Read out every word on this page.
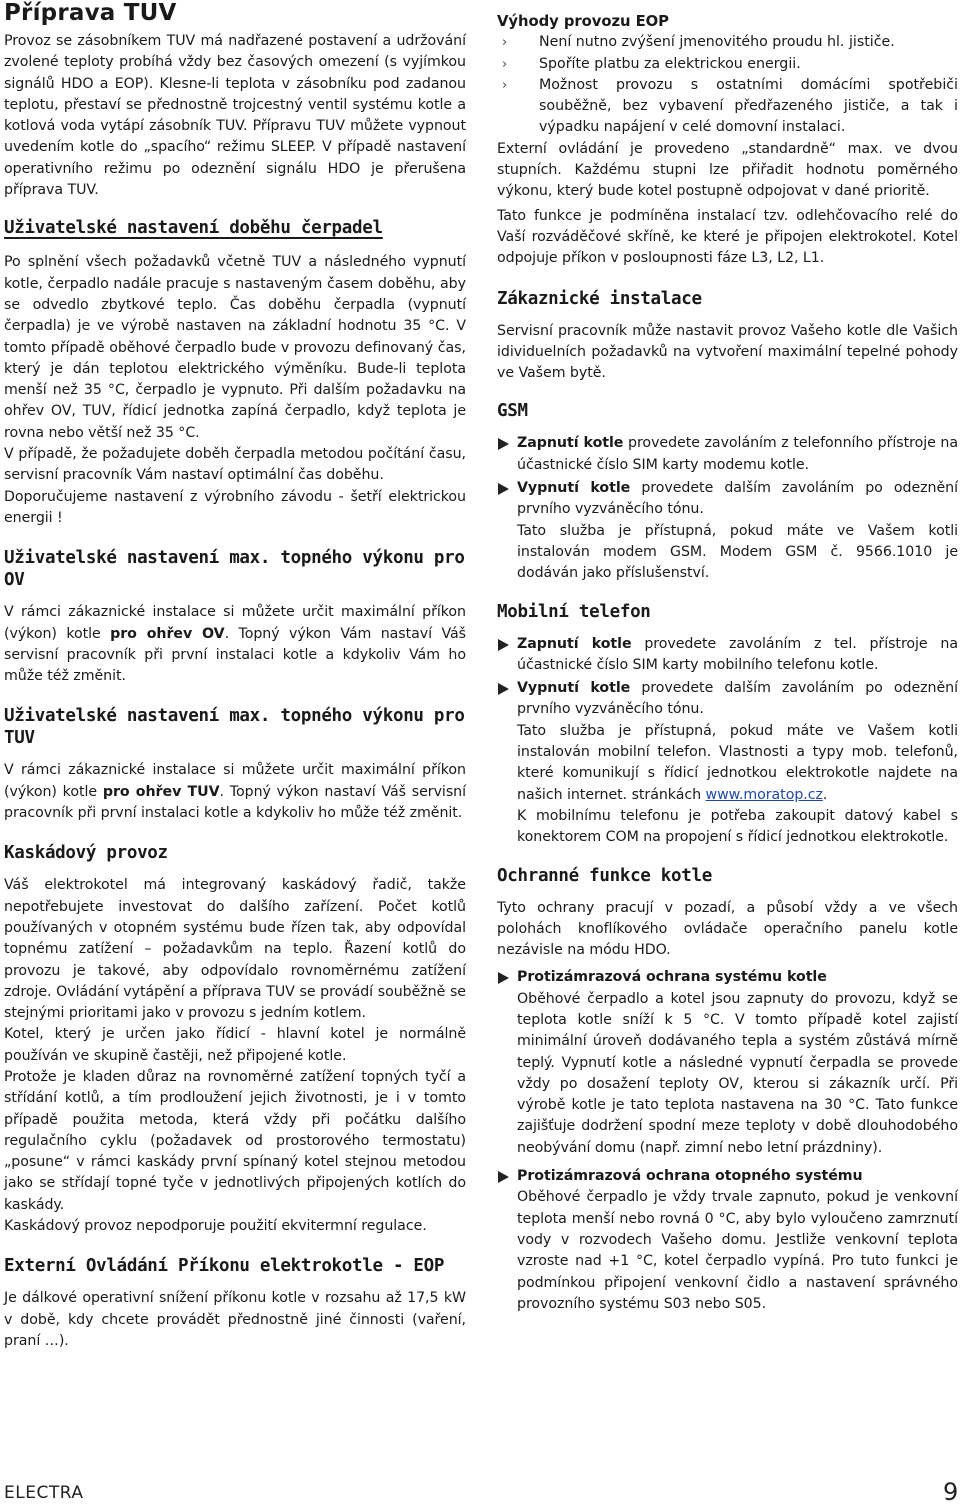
Příprava TUV

Provoz se zásobníkem TUV má nadřazené postavení a udržování zvolené teploty probíhá vždy bez časových omezení (s vyjímkou signálů HDO a EOP). Klesne-li teplota v zásobníku pod zadanou teplotu, přestaví se přednostně trojcestný ventil systému kotle a kotlová voda vytápí zásobník TUV. Přípravu TUV můžete vypnout uvedením kotle do „spacího“ režimu SLEEP. V případě nastavení operativního režimu po odeznění signálu HDO je přerušena příprava TUV.

Uživatelské nastavení doběhu čerpadel

Po splnění všech požadavků včetně TUV a následného vypnutí kotle, čerpadlo nadále pracuje s nastaveným časem doběhu, aby se odvedlo zbytkové teplo. Čas doběhu čerpadla (vypnutí čerpadla) je ve výrobě nastaven na základní hodnotu 35 °C. V tomto případě oběhové čerpadlo bude v provozu definovaný čas, který je dán teplotou elektrického výměníku. Bude-li teplota menší než 35 °C, čerpadlo je vypnuto. Při dalším požadavku na ohřev OV, TUV, řídicí jednotka zapíná čerpadlo, když teplota je rovna nebo větší než 35 °C.

V případě, že požadujete doběh čerpadla metodou počítání času, servisní pracovník Vám nastaví optimální čas doběhu.

Doporučujeme nastavení z výrobního závodu - šetří elektrickou energii !

Uživatelské nastavení max. topného výkonu pro OV

V rámci zákaznické instalace si můžete určit maximální příkon (výkon) kotle pro ohřev OV. Topný výkon Vám nastaví Váš servisní pracovník při první instalaci kotle a kdykoliv Vám ho může též změnit.

Uživatelské nastavení max. topného výkonu pro TUV

V rámci zákaznické instalace si můžete určit maximální příkon (výkon) kotle pro ohřev TUV. Topný výkon nastaví Váš servisní pracovník při první instalaci kotle a kdykoliv ho může též změnit.

Kaskádový provoz

Váš elektrokotel má integrovaný kaskádový řadič, takže nepotřebujete investovat do dalšího zařízení. Počet kotlů používaných v otopném systému bude řízen tak, aby odpovídal topnému zatížení – požadavkům na teplo. Řazení kotlů do provozu je takové, aby odpovídalo rovnoměrnému zatížení zdroje. Ovládání vytápění a příprava TUV se provádí souběžně se stejnými prioritami jako v provozu s jedním kotlem.

Kotel, který je určen jako řídicí - hlavní kotel je normálně používán ve skupině častěji, než připojené kotle.

Protože je kladen důraz na rovnoměrné zatížení topných tyčí a střídání kotlů, a tím prodloužení jejich životnosti, je i v tomto případě použita metoda, která vždy při počátku dalšího regulačního cyklu (požadavek od prostorového termostatu) „posune“ v rámci kaskády první spínaný kotel stejnou metodou jako se střídají topné tyče v jednotlivých připojených kotlích do kaskády.

Kaskádový provoz nepodporuje použití ekvitermní regulace.

Externí Ovládání Příkonu elektrokotle - EOP

Je dálkové operativní snížení příkonu kotle v rozsahu až 17,5 kW v době, kdy chcete provádět přednostně jiné činnosti (vaření, praní …).

Výhody provozu EOP

› Není nutno zvýšení jmenovitého proudu hl. jističe.
› Spoříte platbu za elektrickou energii.
› Možnost provozu s ostatními domácími spotřebiči souběžně, bez vybavení předřazeného jističe, a tak i výpadku napájení v celé domovní instalaci.

Externí ovládání je provedeno „standardně“ max. ve dvou stupních. Každému stupni lze přiřadit hodnotu poměrného výkonu, který bude kotel postupně odpojovat v dané prioritě.

Tato funkce je podmíněna instalací tzv. odlehčovacího relé do Vaší rozváděčové skříně, ke které je připojen elektrokotel. Kotel odpojuje příkon v posloupnosti fáze L3, L2, L1.

Zákaznické instalace

Servisní pracovník může nastavit provoz Vašeho kotle dle Vašich idividuelních požadavků na vytvoření maximální tepelné pohody ve Vašem bytě.

GSM

Zapnutí kotle provedete zavoláním z telefonního přístroje na účastnické číslo SIM karty modemu kotle.

Vypnutí kotle provedete dalším zavoláním po odeznění prvního vyzváněcího tónu.

Tato služba je přístupná, pokud máte ve Vašem kotli instalován modem GSM. Modem GSM č. 9566.1010 je dodáván jako příslušenství.

Mobilní telefon

Zapnutí kotle provedete zavoláním z tel. přístroje na účastnické číslo SIM karty mobilního telefonu kotle.

Vypnutí kotle provedete dalším zavoláním po odeznění prvního vyzváněcího tónu.

Tato služba je přístupná, pokud máte ve Vašem kotli instalován mobilní telefon. Vlastnosti a typy mob. telefonů, které komunikují s řídicí jednotkou elektrokotle najdete na našich internet. stránkách www.moratop.cz.

K mobilnímu telefonu je potřeba zakoupit datový kabel s konektorem COM na propojení s řídicí jednotkou elektrokotle.

Ochranné funkce kotle

Tyto ochrany pracují v pozadí, a působí vždy a ve všech polohách knoflíkového ovládače operačního panelu kotle nezávisle na módu HDO.

Protizámrazová ochrana systému kotle

Oběhové čerpadlo a kotel jsou zapnuty do provozu, když se teplota kotle sníží k 5 °C. V tomto případě kotel zajistí minimální úroveň dodávaného tepla a systém zůstává mírně teplý. Vypnutí kotle a následné vypnutí čerpadla se provede vždy po dosažení teploty OV, kterou si zákazník určí. Při výrobě kotle je tato teplota nastavena na 30 °C. Tato funkce zajišťuje dodržení spodní meze teploty v době dlouhodobého neobývání domu (např. zimní nebo letní prázdniny).

Protizámrazová ochrana otopného systému

Oběhové čerpadlo je vždy trvale zapnuto, pokud je venkovní teplota menší nebo rovná 0 °C, aby bylo vyloučeno zamrznutí vody v rozvodech Vašeho domu. Jestliže venkovní teplota vzroste nad +1 °C, kotel čerpadlo vypíná. Pro tuto funkci je podmínkou připojení venkovní čidlo a nastavení správného provozního systému S03 nebo S05.

ELECTRA	9
